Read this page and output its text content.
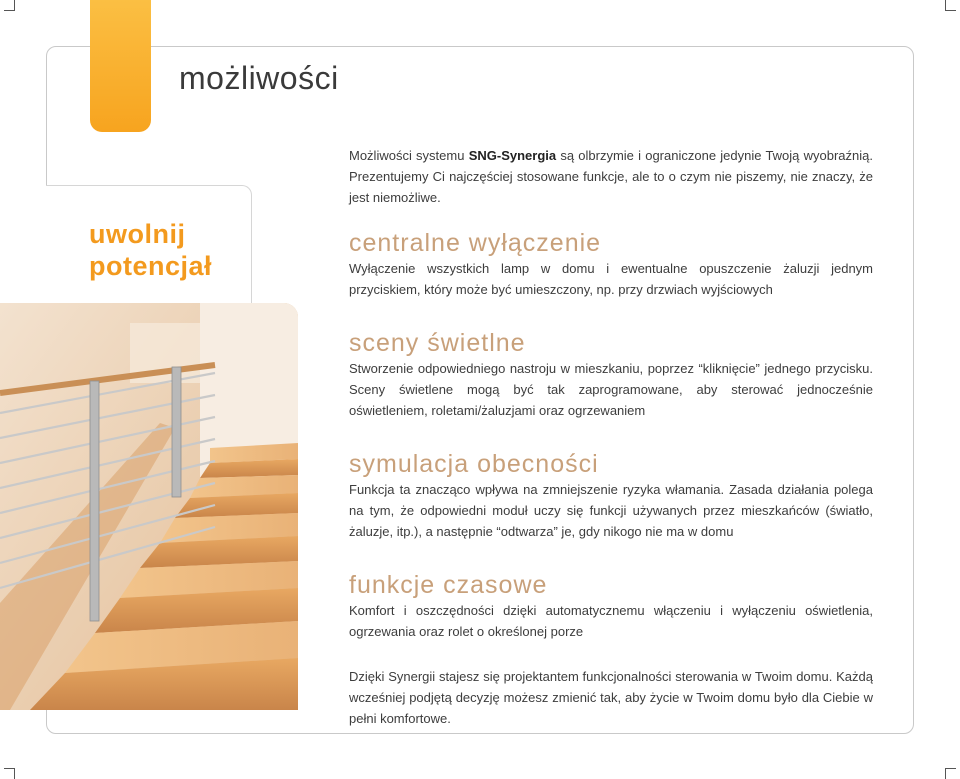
możliwości
uwolnij
potencjał

Możliwości systemu SNG-Synergia są olbrzymie i ograniczone jedynie Twoją wyobraźnią. Prezentujemy Ci najczęściej stosowane funkcje, ale to o czym nie piszemy, nie znaczy, że jest niemożliwe.

centralne wyłączenie

Wyłączenie wszystkich lamp w domu i ewentualne opuszczenie żaluzji jednym przyciskiem, który może być umieszczony, np. przy drzwiach wyjściowych

sceny świetlne

Stworzenie odpowiedniego nastroju w mieszkaniu, poprzez “kliknięcie” jednego przycisku. Sceny świetlene mogą być tak zaprogramowane, aby sterować jednocześnie oświetleniem, roletami/żaluzjami oraz ogrzewaniem

symulacja obecności

Funkcja ta znacząco wpływa na zmniejszenie ryzyka włamania. Zasada działania polega na tym, że odpowiedni moduł uczy się funkcji używanych przez mieszkańców (światło, żaluzje, itp.), a następnie “odtwarza” je, gdy nikogo nie ma w domu

funkcje czasowe

Komfort i oszczędności dzięki automatycznemu włączeniu i wyłączeniu oświetlenia, ogrzewania oraz rolet o określonej porze

Dzięki Synergii stajesz się projektantem funkcjonalności sterowania w Twoim domu. Każdą wcześniej podjętą decyzję możesz zmienić tak, aby życie w Twoim domu było dla Ciebie w pełni komfortowe.
